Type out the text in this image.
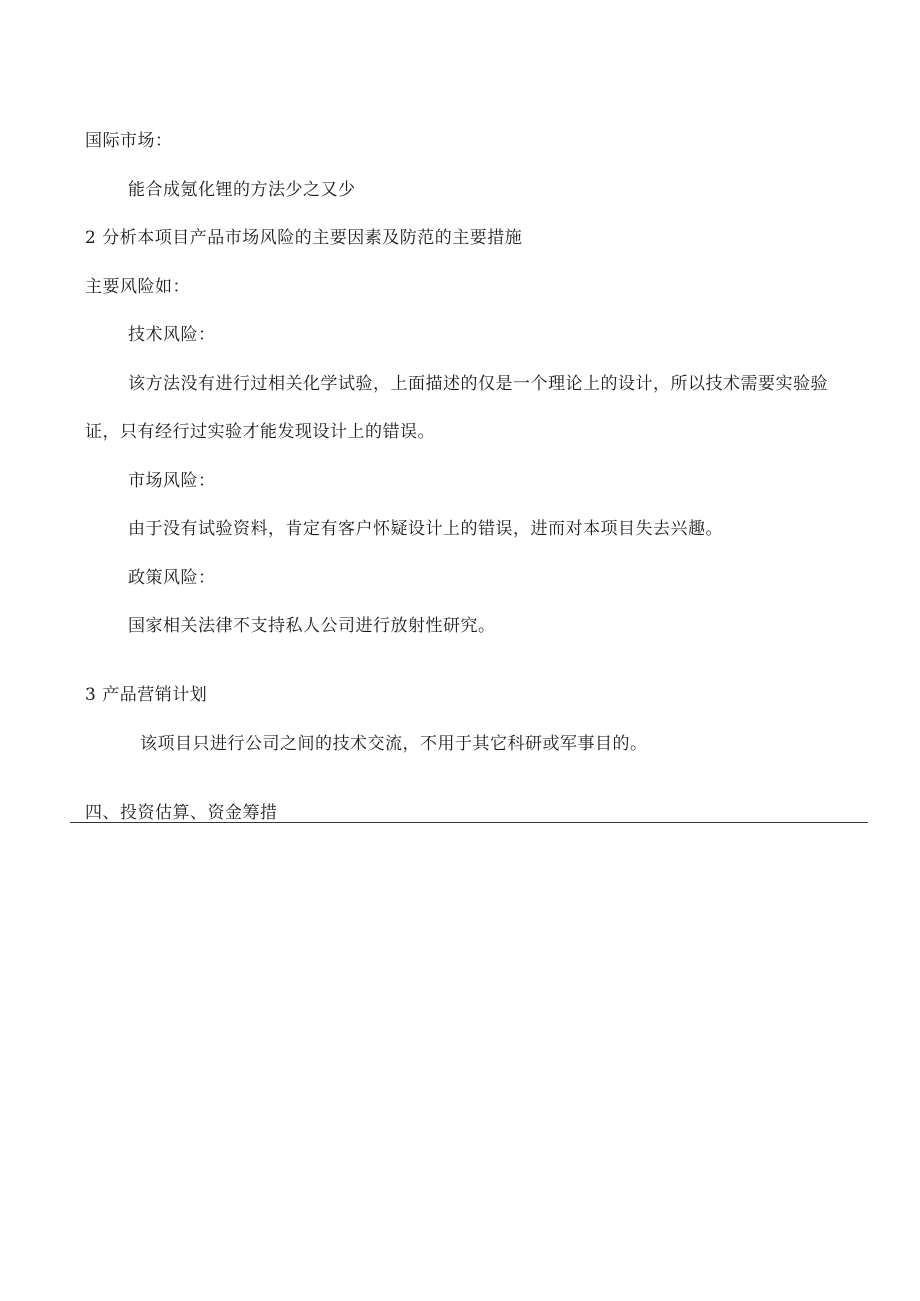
国际市场：
能合成氪化锂的方法少之又少
2 分析本项目产品市场风险的主要因素及防范的主要措施
主要风险如：
技术风险：
该方法没有进行过相关化学试验，上面描述的仅是一个理论上的设计，所以技术需要实验验
证，只有经行过实验才能发现设计上的错误。
市场风险：
由于没有试验资料，肯定有客户怀疑设计上的错误，进而对本项目失去兴趣。
政策风险：
国家相关法律不支持私人公司进行放射性研究。
3 产品营销计划
该项目只进行公司之间的技术交流，不用于其它科研或军事目的。
四、投资估算、资金筹措
